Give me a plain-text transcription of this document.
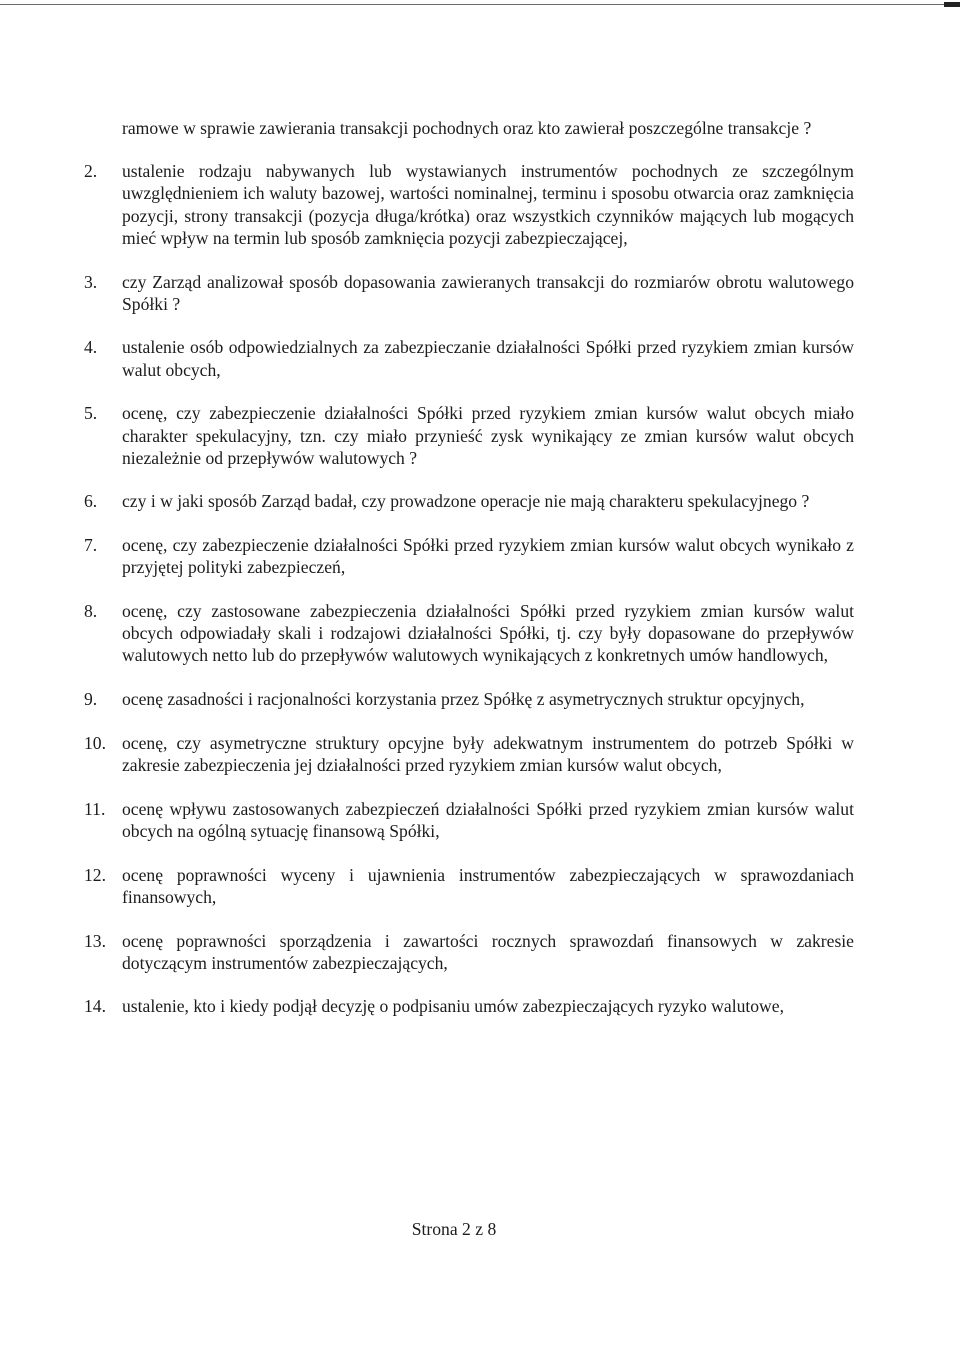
ramowe w sprawie zawierania transakcji pochodnych oraz kto zawierał poszczególne transakcje ?

2.	ustalenie rodzaju nabywanych lub wystawianych instrumentów pochodnych ze szczególnym uwzględnieniem ich waluty bazowej, wartości nominalnej, terminu i sposobu otwarcia oraz zamknięcia pozycji, strony transakcji (pozycja długa/krótka) oraz wszystkich czynników mających lub mogących mieć wpływ na termin lub sposób zamknięcia pozycji zabezpieczającej,

3.	czy Zarząd analizował sposób dopasowania zawieranych transakcji do rozmiarów obrotu walutowego Spółki ?

4.	ustalenie osób odpowiedzialnych za zabezpieczanie działalności Spółki przed ryzykiem zmian kursów walut obcych,

5.	ocenę, czy zabezpieczenie działalności Spółki przed ryzykiem zmian kursów walut obcych miało charakter spekulacyjny, tzn. czy miało przynieść zysk wynikający ze zmian kursów walut obcych niezależnie od przepływów walutowych ?

6.	czy i w jaki sposób Zarząd badał, czy prowadzone operacje nie mają charakteru spekulacyjnego ?

7.	ocenę, czy zabezpieczenie działalności Spółki przed ryzykiem zmian kursów walut obcych wynikało z przyjętej polityki zabezpieczeń,

8.	ocenę, czy zastosowane zabezpieczenia działalności Spółki przed ryzykiem zmian kursów walut obcych odpowiadały skali i rodzajowi działalności Spółki, tj. czy były dopasowane do przepływów walutowych netto lub do przepływów walutowych wynikających z konkretnych umów handlowych,

9.	ocenę zasadności i racjonalności korzystania przez Spółkę z asymetrycznych struktur opcyjnych,

10. ocenę, czy asymetryczne struktury opcyjne były adekwatnym instrumentem do potrzeb Spółki w zakresie zabezpieczenia jej działalności przed ryzykiem zmian kursów walut obcych,

11. ocenę wpływu zastosowanych zabezpieczeń działalności Spółki przed ryzykiem zmian kursów walut obcych na ogólną sytuację finansową Spółki,

12. ocenę poprawności wyceny i ujawnienia instrumentów zabezpieczających w sprawozdaniach finansowych,

13. ocenę poprawności sporządzenia i zawartości rocznych sprawozdań finansowych w zakresie dotyczącym instrumentów zabezpieczających,

14. ustalenie, kto i kiedy podjął decyzję o podpisaniu umów zabezpieczających ryzyko walutowe,

Strona 2 z 8
